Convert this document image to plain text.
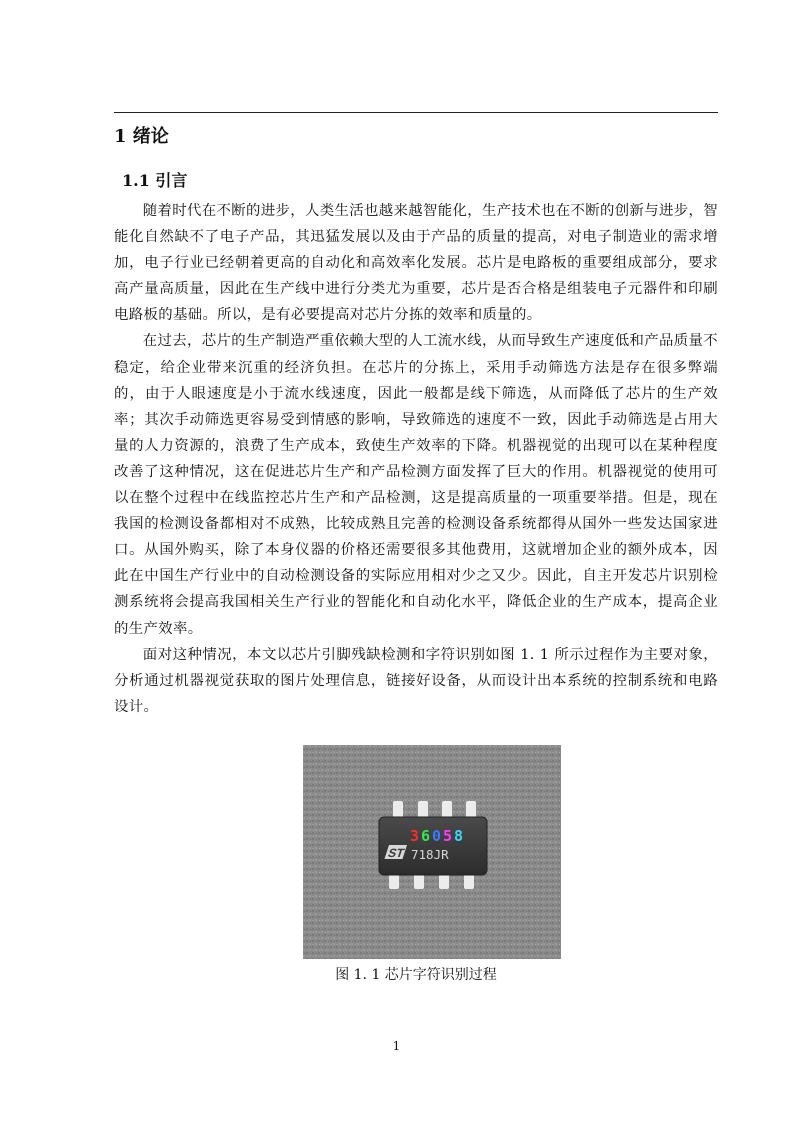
1 绪论
1.1 引言

随着时代在不断的进步，人类生活也越来越智能化，生产技术也在不断的创新与进步，智能化自然缺不了电子产品，其迅猛发展以及由于产品的质量的提高，对电子制造业的需求增加，电子行业已经朝着更高的自动化和高效率化发展。芯片是电路板的重要组成部分，要求高产量高质量，因此在生产线中进行分类尤为重要，芯片是否合格是组装电子元器件和印刷电路板的基础。所以，是有必要提高对芯片分拣的效率和质量的。

在过去，芯片的生产制造严重依赖大型的人工流水线，从而导致生产速度低和产品质量不稳定，给企业带来沉重的经济负担。在芯片的分拣上，采用手动筛选方法是存在很多弊端的，由于人眼速度是小于流水线速度，因此一般都是线下筛选，从而降低了芯片的生产效率；其次手动筛选更容易受到情感的影响，导致筛选的速度不一致，因此手动筛选是占用大量的人力资源的，浪费了生产成本，致使生产效率的下降。机器视觉的出现可以在某种程度改善了这种情况，这在促进芯片生产和产品检测方面发挥了巨大的作用。机器视觉的使用可以在整个过程中在线监控芯片生产和产品检测，这是提高质量的一项重要举措。但是，现在我国的检测设备都相对不成熟，比较成熟且完善的检测设备系统都得从国外一些发达国家进口。从国外购买，除了本身仪器的价格还需要很多其他费用，这就增加企业的额外成本，因此在中国生产行业中的自动检测设备的实际应用相对少之又少。因此，自主开发芯片识别检测系统将会提高我国相关生产行业的智能化和自动化水平，降低企业的生产成本，提高企业的生产效率。

面对这种情况，本文以芯片引脚残缺检测和字符识别如图 1. 1 所示过程作为主要对象，分析通过机器视觉获取的图片处理信息，链接好设备，从而设计出本系统的控制系统和电路设计。

ST
3 6 0 5 8
718JR

图 1. 1 芯片字符识别过程

1
